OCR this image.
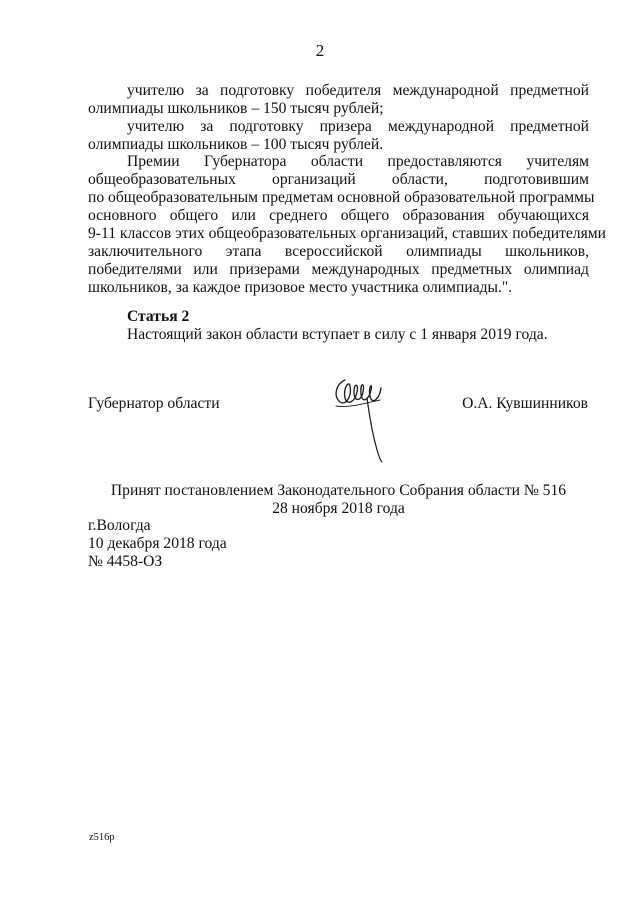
2
учителю за подготовку победителя международной предметной
олимпиады школьников – 150 тысяч рублей;
учителю за подготовку призера международной предметной
олимпиады школьников – 100 тысяч рублей.
Премии Губернатора области предоставляются учителям
общеобразовательных организаций области, подготовившим
по общеобразовательным предметам основной образовательной программы
основного общего или среднего общего образования обучающихся
9-11 классов этих общеобразовательных организаций, ставших победителями
заключительного этапа всероссийской олимпиады школьников,
победителями или призерами международных предметных олимпиад
школьников, за каждое призовое место участника олимпиады.".
Статья 2
Настоящий закон области вступает в силу с 1 января 2019 года.
Губернатор области	О.А. Кувшинников
Принят постановлением Законодательного Собрания области № 516
28 ноября 2018 года
г.Вологда
10 декабря 2018 года
№ 4458-ОЗ
z516p
